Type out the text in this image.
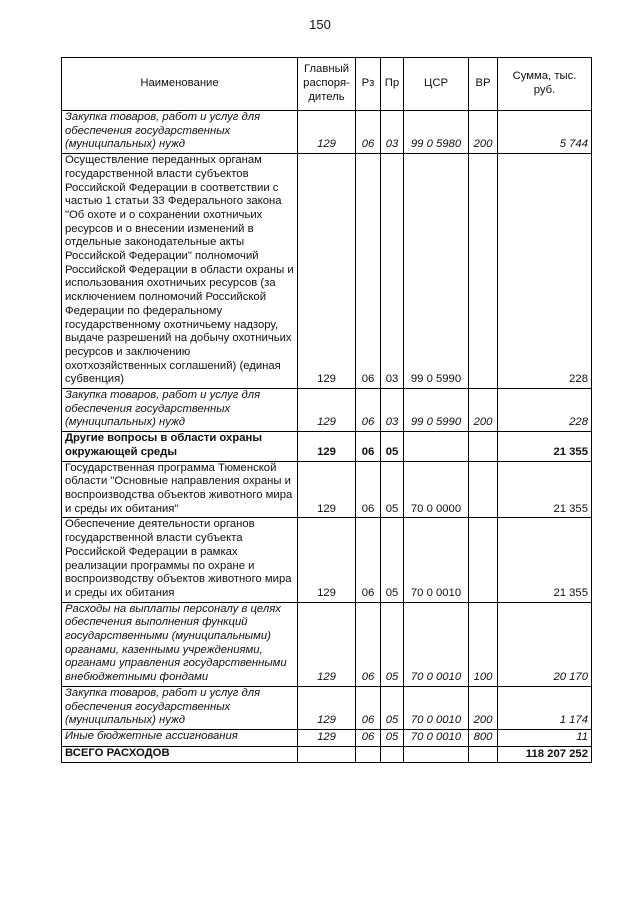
150
Наименование	Главный распоря-дитель	Рз	Пр	ЦСР	ВР	Сумма, тыс. руб.
Закупка товаров, работ и услуг для обеспечения государственных (муниципальных) нужд	129	06	03	99 0 5980	200	5 744
Осуществление переданных органам государственной власти субъектов Российской Федерации в соответствии с частью 1 статьи 33 Федерального закона "Об охоте и о сохранении охотничьих ресурсов и о внесении изменений в отдельные законодательные акты Российской Федерации" полномочий Российской Федерации в области охраны и использования охотничьих ресурсов (за исключением полномочий Российской Федерации по федеральному государственному охотничьему надзору, выдаче разрешений на добычу охотничьих ресурсов и заключению охотхозяйственных соглашений) (единая субвенция)	129	06	03	99 0 5990		228
Закупка товаров, работ и услуг для обеспечения государственных (муниципальных) нужд	129	06	03	99 0 5990	200	228
Другие вопросы в области охраны окружающей среды	129	06	05			21 355
Государственная программа Тюменской области "Основные направления охраны и воспроизводства объектов животного мира и среды их обитания"	129	06	05	70 0 0000		21 355
Обеспечение деятельности органов государственной власти субъекта Российской Федерации в рамках реализации программы по охране и воспроизводству объектов животного мира и среды их обитания	129	06	05	70 0 0010		21 355
Расходы на выплаты персоналу в целях обеспечения выполнения функций государственными (муниципальными) органами, казенными учреждениями, органами управления государственными внебюджетными фондами	129	06	05	70 0 0010	100	20 170
Закупка товаров, работ и услуг для обеспечения государственных (муниципальных) нужд	129	06	05	70 0 0010	200	1 174
Иные бюджетные ассигнования	129	06	05	70 0 0010	800	11
ВСЕГО РАСХОДОВ						118 207 252
